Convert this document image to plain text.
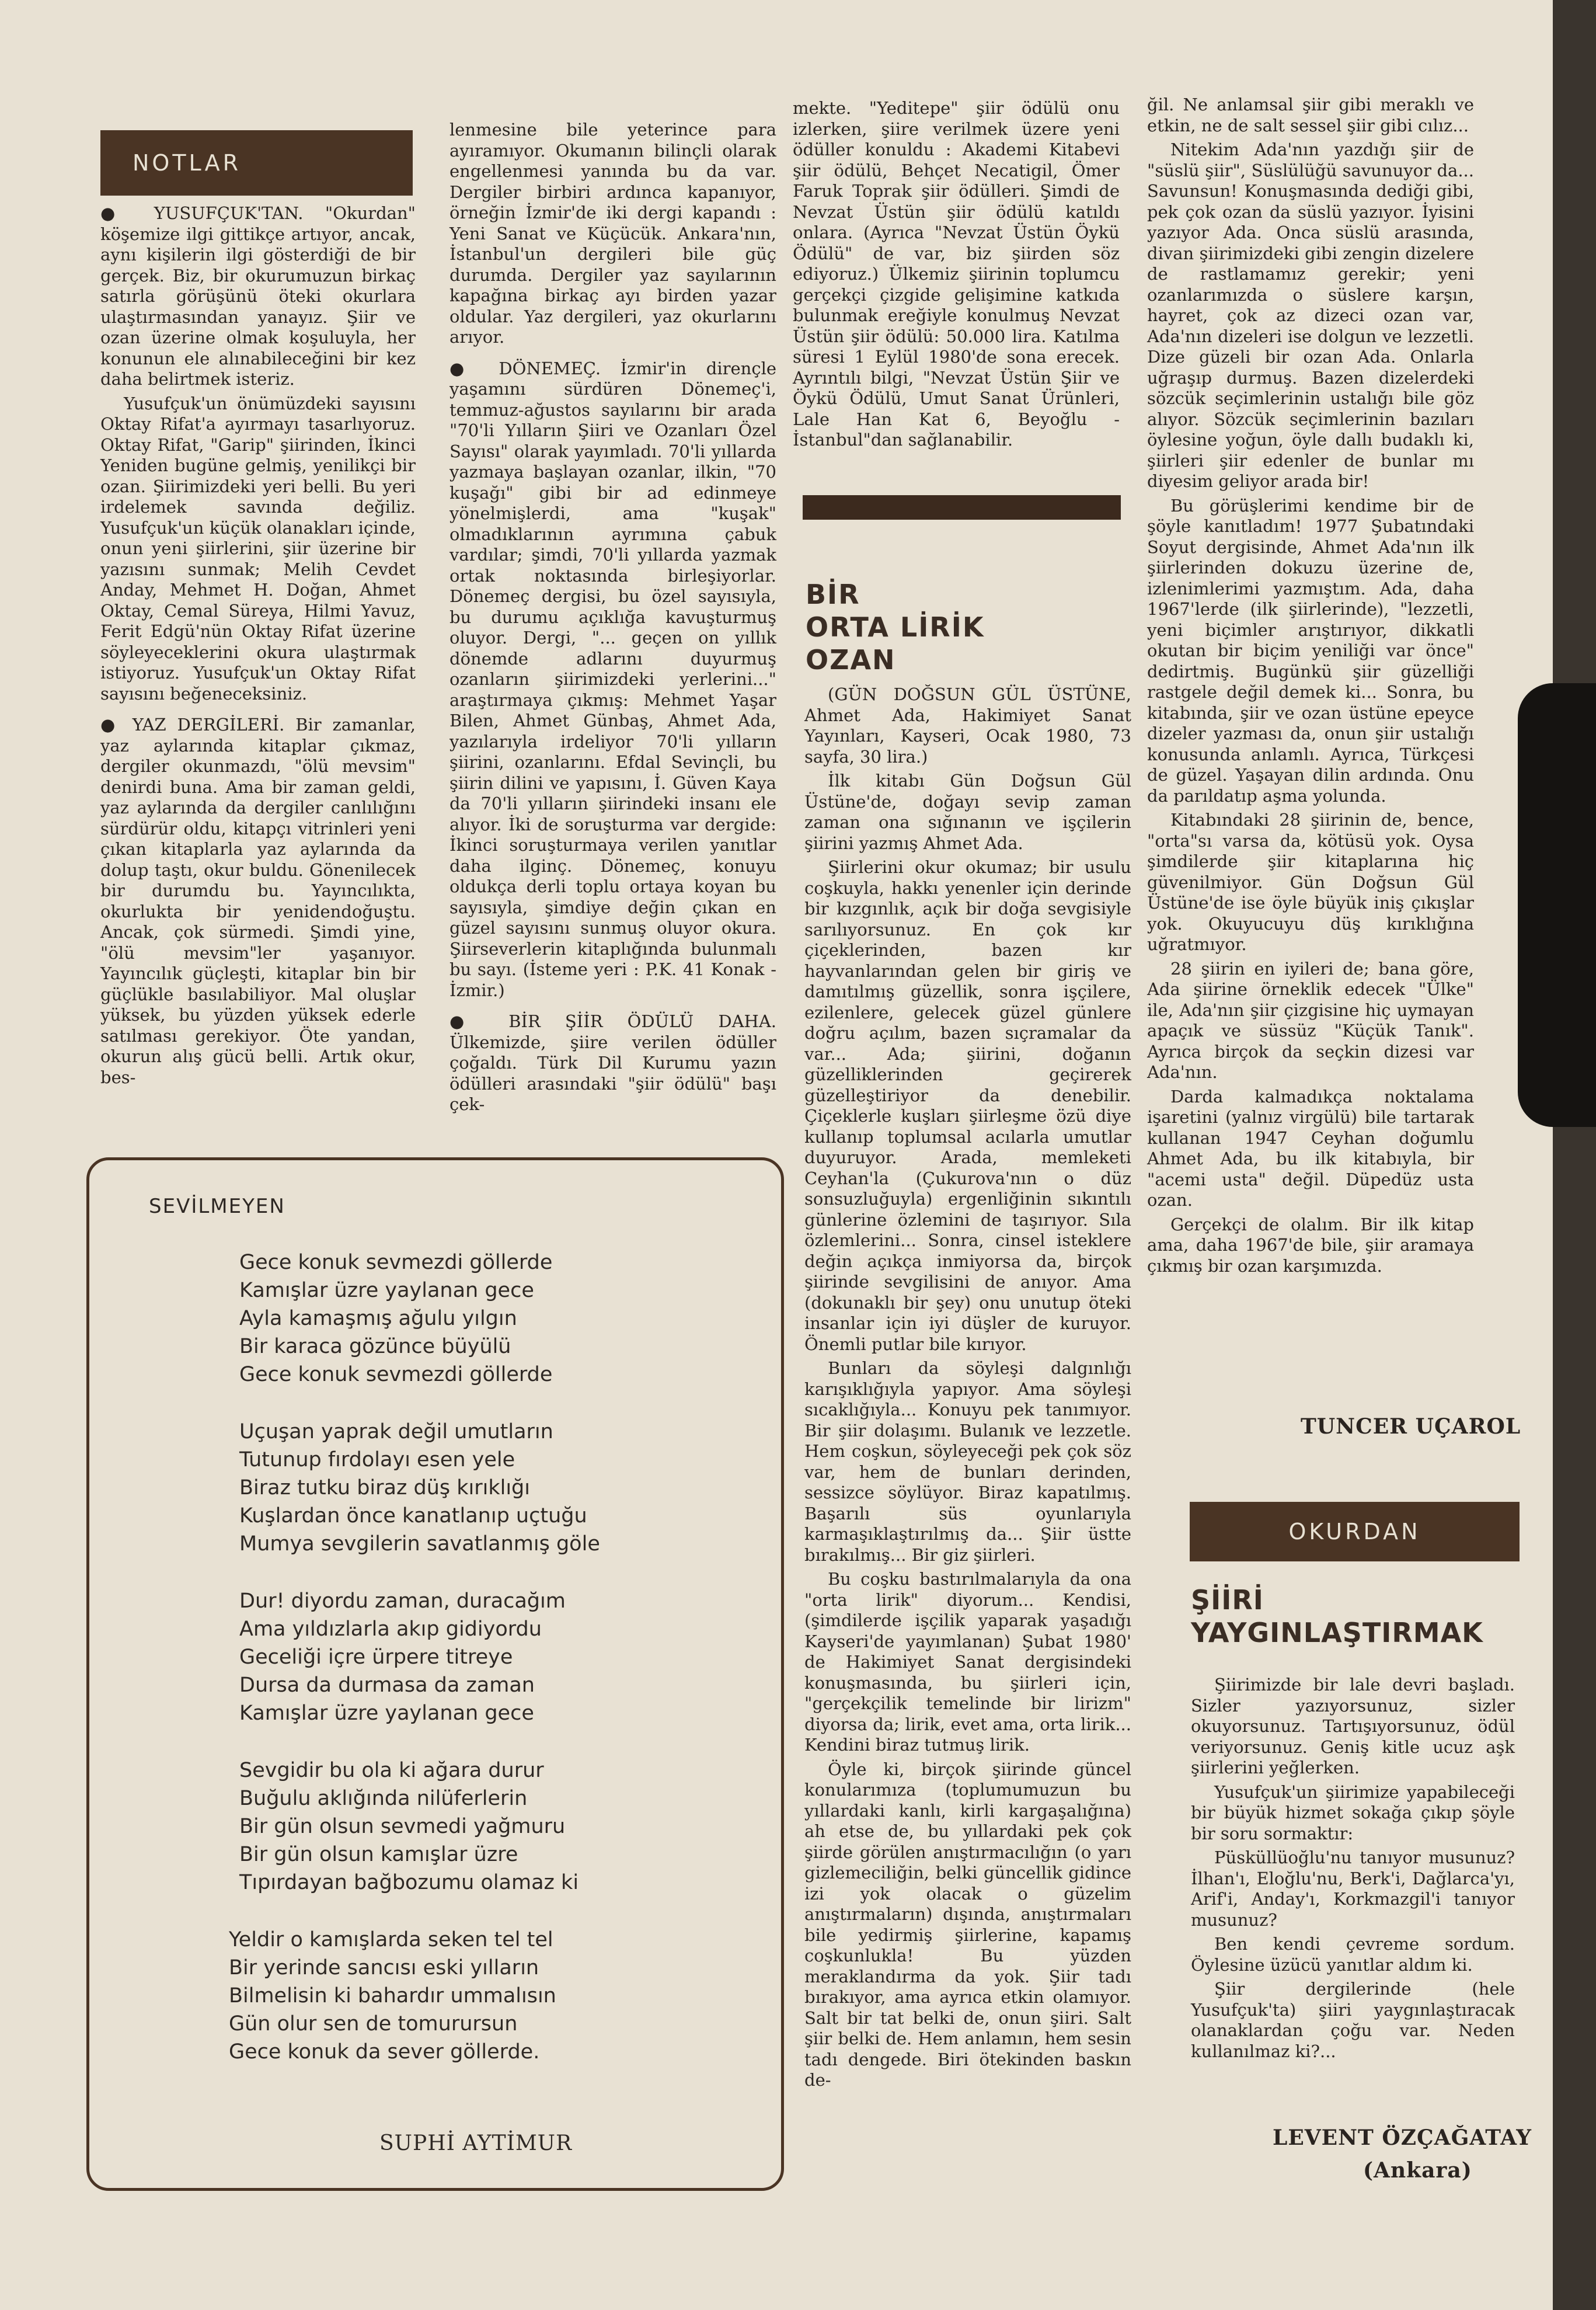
NOTLAR

● YUSUFÇUK'TAN. "Okurdan" köşemize ilgi gittikçe artıyor, ancak, aynı kişilerin ilgi gösterdiği de bir gerçek. Biz, bir okurumuzun birkaç satırla görüşünü öteki okurlara ulaştırmasından yanayız. Şiir ve ozan üzerine olmak koşuluyla, her konunun ele alınabileceğini bir kez daha belirtmek isteriz.

Yusufçuk'un önümüzdeki sayısını Oktay Rifat'a ayırmayı tasarlıyoruz. Oktay Rifat, "Garip" şiirinden, İkinci Yeniden bugüne gelmiş, yenilikçi bir ozan. Şiirimizdeki yeri belli. Bu yeri irdelemek savında değiliz. Yusufçuk'un küçük olanakları içinde, onun yeni şiirlerini, şiir üzerine bir yazısını sunmak; Melih Cevdet Anday, Mehmet H. Doğan, Ahmet Oktay, Cemal Süreya, Hilmi Yavuz, Ferit Edgü'nün Oktay Rifat üzerine söyleyeceklerini okura ulaştırmak istiyoruz. Yusufçuk'un Oktay Rifat sayısını beğeneceksiniz.

● YAZ DERGİLERİ. Bir zamanlar, yaz aylarında kitaplar çıkmaz, dergiler okunmazdı, "ölü mevsim" denirdi buna. Ama bir zaman geldi, yaz aylarında da dergiler canlılığını sürdürür oldu, kitapçı vitrinleri yeni çıkan kitaplarla yaz aylarında da dolup taştı, okur buldu. Gönenilecek bir durumdu bu. Yayıncılıkta, okurlukta bir yenidendoğuştu. Ancak, çok sürmedi. Şimdi yine, "ölü mevsim"ler yaşanıyor. Yayıncılık güçleşti, kitaplar bin bir güçlükle basılabiliyor. Mal oluşlar yüksek, bu yüzden yüksek ederle satılması gerekiyor. Öte yandan, okurun alış gücü belli. Artık okur, bes-

lenmesine bile yeterince para ayıramıyor. Okumanın bilinçli olarak engellenmesi yanında bu da var. Dergiler birbiri ardınca kapanıyor, örneğin İzmir'de iki dergi kapandı : Yeni Sanat ve Küçücük. Ankara'nın, İstanbul'un dergileri bile güç durumda. Dergiler yaz sayılarının kapağına birkaç ayı birden yazar oldular. Yaz dergileri, yaz okurlarını arıyor.

● DÖNEMEÇ. İzmir'in dirençle yaşamını sürdüren Dönemeç'i, temmuz-ağustos sayılarını bir arada "70'li Yılların Şiiri ve Ozanları Özel Sayısı" olarak yayımladı. 70'li yıllarda yazmaya başlayan ozanlar, ilkin, "70 kuşağı" gibi bir ad edinmeye yönelmişlerdi, ama "kuşak" olmadıklarının ayrımına çabuk vardılar; şimdi, 70'li yıllarda yazmak ortak noktasında birleşiyorlar. Dönemeç dergisi, bu özel sayısıyla, bu durumu açıklığa kavuşturmuş oluyor. Dergi, "... geçen on yıllık dönemde adlarını duyurmuş ozanların şiirimizdeki yerlerini..." araştırmaya çıkmış: Mehmet Yaşar Bilen, Ahmet Günbaş, Ahmet Ada, yazılarıyla irdeliyor 70'li yılların şiirini, ozanlarını. Efdal Sevinçli, bu şiirin dilini ve yapısını, İ. Güven Kaya da 70'li yılların şiirindeki insanı ele alıyor. İki de soruşturma var dergide: İkinci soruşturmaya verilen yanıtlar daha ilginç. Dönemeç, konuyu oldukça derli toplu ortaya koyan bu sayısıyla, şimdiye değin çıkan en güzel sayısını sunmuş oluyor okura. Şiirseverlerin kitaplığında bulunmalı bu sayı. (İsteme yeri : P.K. 41 Konak - İzmir.)

● BİR ŞİİR ÖDÜLÜ DAHA. Ülkemizde, şiire verilen ödüller çoğaldı. Türk Dil Kurumu yazın ödülleri arasındaki "şiir ödülü" başı çek-

SEVİLMEYEN
Gece konuk sevmezdi göllerde
Kamışlar üzre yaylanan gece
Ayla kamaşmış ağulu yılgın
Bir karaca gözünce büyülü
Gece konuk sevmezdi göllerde
Uçuşan yaprak değil umutların
Tutunup fırdolayı esen yele
Biraz tutku biraz düş kırıklığı
Kuşlardan önce kanatlanıp uçtuğu
Mumya sevgilerin savatlanmış göle
Dur! diyordu zaman, duracağım
Ama yıldızlarla akıp gidiyordu
Geceliği içre ürpere titreye
Dursa da durmasa da zaman
Kamışlar üzre yaylanan gece
Sevgidir bu ola ki ağara durur
Buğulu aklığında nilüferlerin
Bir gün olsun sevmedi yağmuru
Bir gün olsun kamışlar üzre
Tıpırdayan bağbozumu olamaz ki
Yeldir o kamışlarda seken tel tel
Bir yerinde sancısı eski yılların
Bilmelisin ki bahardır ummalısın
Gün olur sen de tomurursun
Gece konuk da sever göllerde.
SUPHİ AYTİMUR

mekte. "Yeditepe" şiir ödülü onu izlerken, şiire verilmek üzere yeni ödüller konuldu : Akademi Kitabevi şiir ödülü, Behçet Necatigil, Ömer Faruk Toprak şiir ödülleri. Şimdi de Nevzat Üstün şiir ödülü katıldı onlara. (Ayrıca "Nevzat Üstün Öykü Ödülü" de var, biz şiirden söz ediyoruz.) Ülkemiz şiirinin toplumcu gerçekçi çizgide gelişimine katkıda bulunmak ereğiyle konulmuş Nevzat Üstün şiir ödülü: 50.000 lira. Katılma süresi 1 Eylül 1980'de sona erecek. Ayrıntılı bilgi, "Nevzat Üstün Şiir ve Öykü Ödülü, Umut Sanat Ürünleri, Lale Han Kat 6, Beyoğlu - İstanbul"dan sağlanabilir.

BİR
ORTA LİRİK
OZAN

(GÜN DOĞSUN GÜL ÜSTÜNE, Ahmet Ada, Hakimiyet Sanat Yayınları, Kayseri, Ocak 1980, 73 sayfa, 30 lira.)

İlk kitabı Gün Doğsun Gül Üstüne'de, doğayı sevip zaman zaman ona sığınanın ve işçilerin şiirini yazmış Ahmet Ada.

Şiirlerini okur okumaz; bir usulu coşkuyla, hakkı yenenler için derinde bir kızgınlık, açık bir doğa sevgisiyle sarılıyorsunuz. En çok kır çiçeklerinden, bazen kır hayvanlarından gelen bir giriş ve damıtılmış güzellik, sonra işçilere, ezilenlere, gelecek güzel günlere doğru açılım, bazen sıçramalar da var... Ada; şiirini, doğanın güzelliklerinden geçirerek güzelleştiriyor da denebilir. Çiçeklerle kuşları şiirleşme özü diye kullanıp toplumsal acılarla umutlar duyuruyor. Arada, memleketi Ceyhan'la (Çukurova'nın o düz sonsuzluğuyla) ergenliğinin sıkıntılı günlerine özlemini de taşırıyor. Sıla özlemlerini... Sonra, cinsel isteklere değin açıkça inmiyorsa da, birçok şiirinde sevgilisini de anıyor. Ama (dokunaklı bir şey) onu unutup öteki insanlar için iyi düşler de kuruyor. Önemli putlar bile kırıyor.

Bunları da söyleşi dalgınlığı karışıklığıyla yapıyor. Ama söyleşi sıcaklığıyla... Konuyu pek tanımıyor. Bir şiir dolaşımı. Bulanık ve lezzetle. Hem coşkun, söyleyeceği pek çok söz var, hem de bunları derinden, sessizce söylüyor. Biraz kapatılmış. Başarılı süs oyunlarıyla karmaşıklaştırılmış da... Şiir üstte bırakılmış... Bir giz şiirleri.

Bu coşku bastırılmalarıyla da ona "orta lirik" diyorum... Kendisi, (şimdilerde işçilik yaparak yaşadığı Kayseri'de yayımlanan) Şubat 1980' de Hakimiyet Sanat dergisindeki konuşmasında, bu şiirleri için, "gerçekçilik temelinde bir lirizm" diyorsa da; lirik, evet ama, orta lirik... Kendini biraz tutmuş lirik.

Öyle ki, birçok şiirinde güncel konularımıza (toplumumuzun bu yıllardaki kanlı, kirli kargaşalığına) ah etse de, bu yıllardaki pek çok şiirde görülen anıştırmacılığın (o yarı gizlemeciliğin, belki güncellik gidince izi yok olacak o güzelim anıştırmaların) dışında, anıştırmaları bile yedirmiş şiirlerine, kapamış coşkunlukla! Bu yüzden meraklandırma da yok. Şiir tadı bırakıyor, ama ayrıca etkin olamıyor. Salt bir tat belki de, onun şiiri. Salt şiir belki de. Hem anlamın, hem sesin tadı dengede. Biri ötekinden baskın de-

ğil. Ne anlamsal şiir gibi meraklı ve etkin, ne de salt sessel şiir gibi cılız...

Nitekim Ada'nın yazdığı şiir de "süslü şiir", Süslülüğü savunuyor da... Savunsun! Konuşmasında dediği gibi, pek çok ozan da süslü yazıyor. İyisini yazıyor Ada. Onca süslü arasında, divan şiirimizdeki gibi zengin dizelere de rastlamamız gerekir; yeni ozanlarımızda o süslere karşın, hayret, çok az dizeci ozan var, Ada'nın dizeleri ise dolgun ve lezzetli. Dize güzeli bir ozan Ada. Onlarla uğraşıp durmuş. Bazen dizelerdeki sözcük seçimlerinin ustalığı bile göz alıyor. Sözcük seçimlerinin bazıları öylesine yoğun, öyle dallı budaklı ki, şiirleri şiir edenler de bunlar mı diyesim geliyor arada bir!

Bu görüşlerimi kendime bir de şöyle kanıtladım! 1977 Şubatındaki Soyut dergisinde, Ahmet Ada'nın ilk şiirlerinden dokuzu üzerine de, izlenimlerimi yazmıştım. Ada, daha 1967'lerde (ilk şiirlerinde), "lezzetli, yeni biçimler arıştırıyor, dikkatli okutan bir biçim yeniliği var önce" dedirtmiş. Bugünkü şiir güzelliği rastgele değil demek ki... Sonra, bu kitabında, şiir ve ozan üstüne epeyce dizeler yazması da, onun şiir ustalığı konusunda anlamlı. Ayrıca, Türkçesi de güzel. Yaşayan dilin ardında. Onu da parıldatıp aşma yolunda.

Kitabındaki 28 şiirinin de, bence, "orta"sı varsa da, kötüsü yok. Oysa şimdilerde şiir kitaplarına hiç güvenilmiyor. Gün Doğsun Gül Üstüne'de ise öyle büyük iniş çıkışlar yok. Okuyucuyu düş kırıklığına uğratmıyor.

28 şiirin en iyileri de; bana göre, Ada şiirine örneklik edecek "Ülke" ile, Ada'nın şiir çizgisine hiç uymayan apaçık ve süssüz "Küçük Tanık". Ayrıca birçok da seçkin dizesi var Ada'nın.

Darda kalmadıkça noktalama işaretini (yalnız virgülü) bile tartarak kullanan 1947 Ceyhan doğumlu Ahmet Ada, bu ilk kitabıyla, bir "acemi usta" değil. Düpedüz usta ozan.

Gerçekçi de olalım. Bir ilk kitap ama, daha 1967'de bile, şiir aramaya çıkmış bir ozan karşımızda.

TUNCER UÇAROL
OKURDAN
ŞİİRİ
YAYGINLAŞTIRMAK

Şiirimizde bir lale devri başladı. Sizler yazıyorsunuz, sizler okuyorsunuz. Tartışıyorsunuz, ödül veriyorsunuz. Geniş kitle ucuz aşk şiirlerini yeğlerken.

Yusufçuk'un şiirimize yapabileceği bir büyük hizmet sokağa çıkıp şöyle bir soru sormaktır:

Püsküllüoğlu'nu tanıyor musunuz? İlhan'ı, Eloğlu'nu, Berk'i, Dağlarca'yı, Arif'i, Anday'ı, Korkmazgil'i tanıyor musunuz?

Ben kendi çevreme sordum. Öylesine üzücü yanıtlar aldım ki.

Şiir dergilerinde (hele Yusufçuk'ta) şiiri yaygınlaştıracak olanaklardan çoğu var. Neden kullanılmaz ki?...

LEVENT ÖZÇAĞATAY
(Ankara)
